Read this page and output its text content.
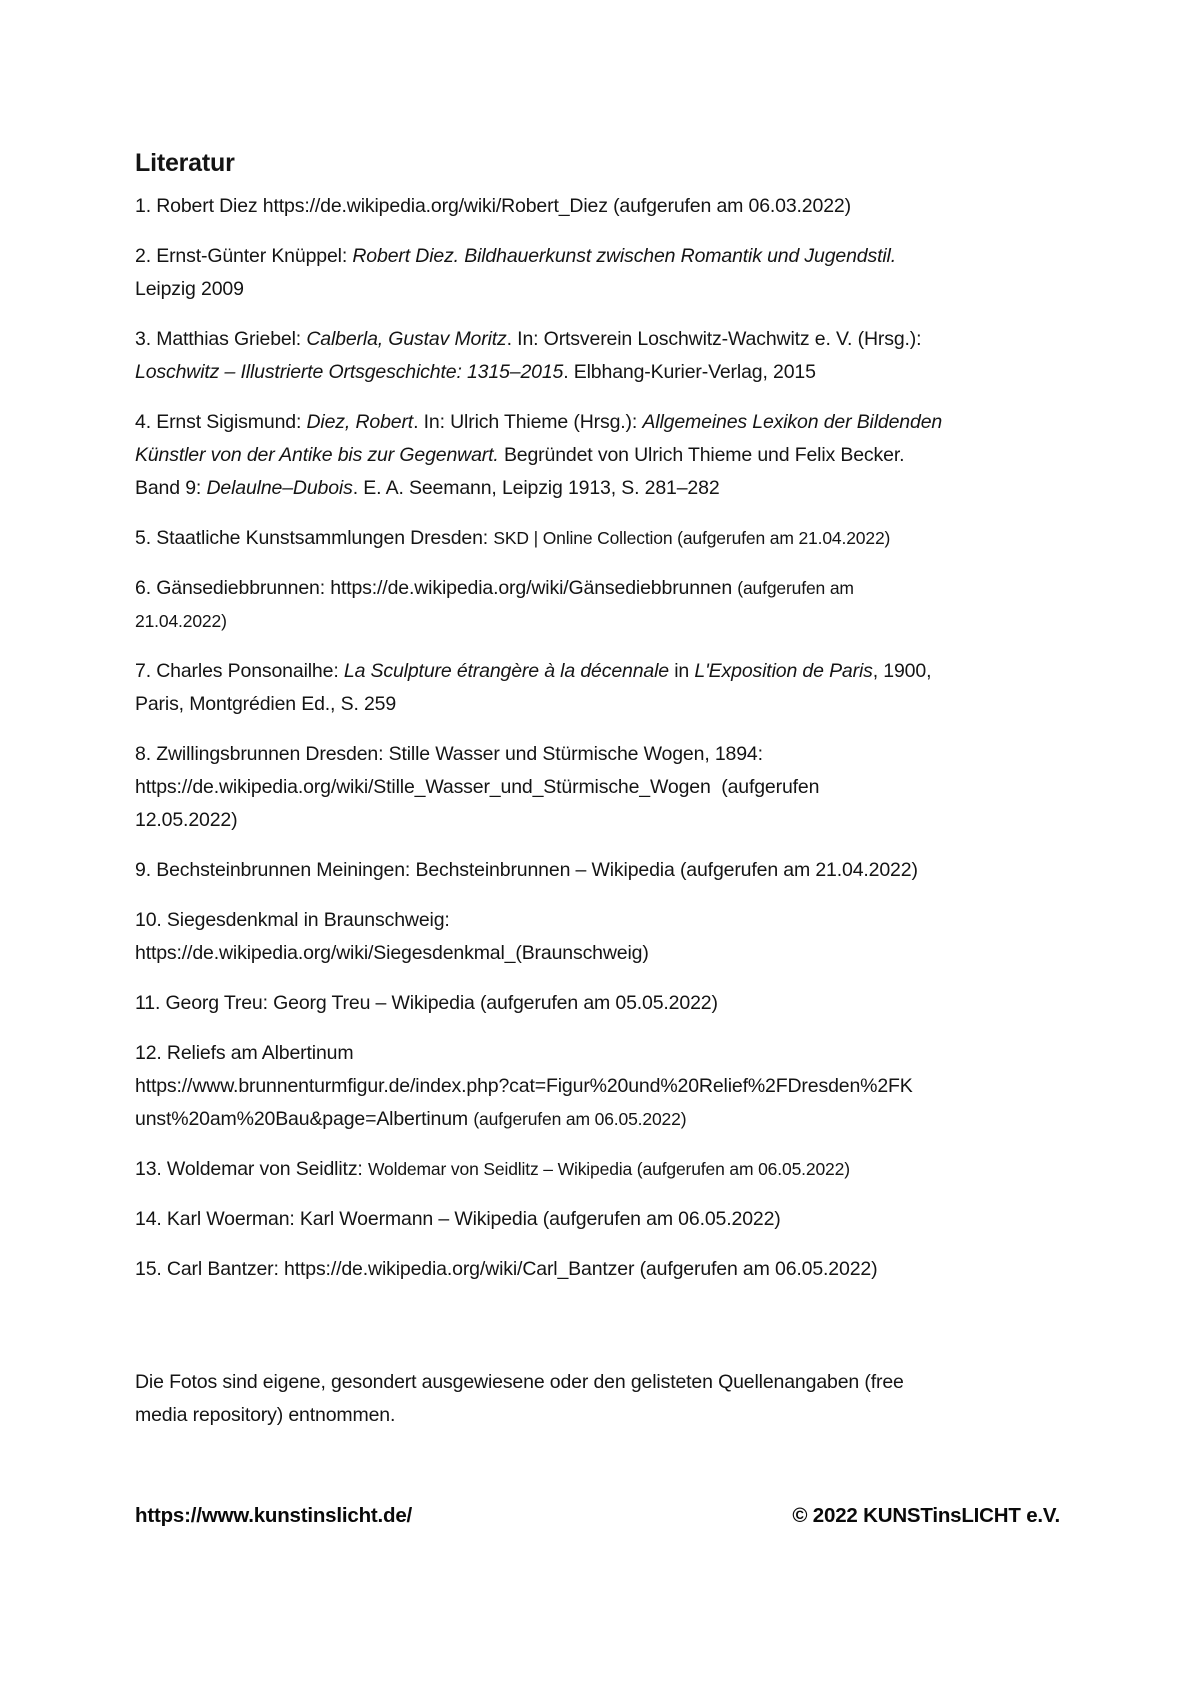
Literatur

1. Robert Diez https://de.wikipedia.org/wiki/Robert_Diez (aufgerufen am 06.03.2022)

2. Ernst-Günter Knüppel: Robert Diez. Bildhauerkunst zwischen Romantik und Jugendstil.
Leipzig 2009

3. Matthias Griebel: Calberla, Gustav Moritz. In: Ortsverein Loschwitz-Wachwitz e. V. (Hrsg.):
Loschwitz – Illustrierte Ortsgeschichte: 1315–2015. Elbhang-Kurier-Verlag, 2015

4. Ernst Sigismund: Diez, Robert. In: Ulrich Thieme (Hrsg.): Allgemeines Lexikon der Bildenden
Künstler von der Antike bis zur Gegenwart. Begründet von Ulrich Thieme und Felix Becker.
Band 9: Delaulne–Dubois. E. A. Seemann, Leipzig 1913, S. 281–282

5. Staatliche Kunstsammlungen Dresden: SKD | Online Collection (aufgerufen am 21.04.2022)

6. Gänsediebbrunnen: https://de.wikipedia.org/wiki/Gänsediebbrunnen (aufgerufen am
21.04.2022)

7. Charles Ponsonailhe: La Sculpture étrangère à la décennale in L'Exposition de Paris, 1900,
Paris, Montgrédien Ed., S. 259

8. Zwillingsbrunnen Dresden: Stille Wasser und Stürmische Wogen, 1894:
https://de.wikipedia.org/wiki/Stille_Wasser_und_Stürmische_Wogen  (aufgerufen
12.05.2022)

9. Bechsteinbrunnen Meiningen: Bechsteinbrunnen – Wikipedia (aufgerufen am 21.04.2022)

10. Siegesdenkmal in Braunschweig:
https://de.wikipedia.org/wiki/Siegesdenkmal_(Braunschweig)

11. Georg Treu: Georg Treu – Wikipedia (aufgerufen am 05.05.2022)

12. Reliefs am Albertinum
https://www.brunnenturmfigur.de/index.php?cat=Figur%20und%20Relief%2FDresden%2FK
unst%20am%20Bau&page=Albertinum (aufgerufen am 06.05.2022)

13. Woldemar von Seidlitz: Woldemar von Seidlitz – Wikipedia (aufgerufen am 06.05.2022)

14. Karl Woerman: Karl Woermann – Wikipedia (aufgerufen am 06.05.2022)

15. Carl Bantzer: https://de.wikipedia.org/wiki/Carl_Bantzer (aufgerufen am 06.05.2022)

Die Fotos sind eigene, gesondert ausgewiesene oder den gelisteten Quellenangaben (free
media repository) entnommen.

https://www.kunstinslicht.de/	© 2022 KUNSTinsLICHT e.V.
